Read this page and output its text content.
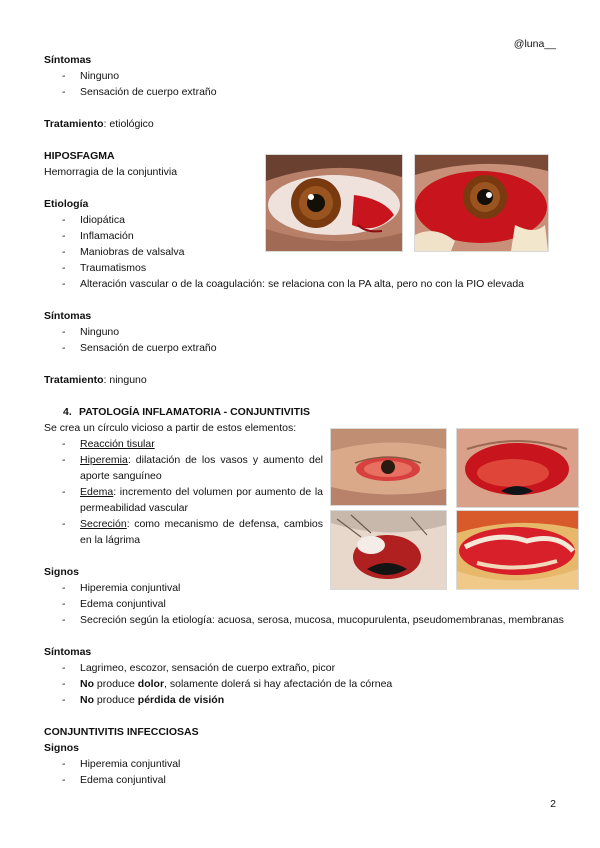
@luna__
Síntomas
- Ninguno
- Sensación de cuerpo extraño
Tratamiento: etiológico
HIPOSFAGMA
Hemorragia de la conjuntivia
Etiología
- Idiopática
- Inflamación
- Maniobras de valsalva
- Traumatismos
- Alteración vascular o de la coagulación: se relaciona con la PA alta, pero no con la PIO elevada
Síntomas
- Ninguno
- Sensación de cuerpo extraño
Tratamiento: ninguno
4. PATOLOGÍA INFLAMATORIA - CONJUNTIVITIS
Se crea un círculo vicioso a partir de estos elementos:
- Reacción tisular
- Hiperemia: dilatación de los vasos y aumento del aporte sanguíneo
- Edema: incremento del volumen por aumento de la permeabilidad vascular
- Secreción: como mecanismo de defensa, cambios en la lágrima
Signos
- Hiperemia conjuntival
- Edema conjuntival
- Secreción según la etiología: acuosa, serosa, mucosa, mucopurulenta, pseudomembranas, membranas
Síntomas
- Lagrimeo, escozor, sensación de cuerpo extraño, picor
- No produce dolor, solamente dolerá si hay afectación de la córnea
- No produce pérdida de visión
CONJUNTIVITIS INFECCIOSAS
Signos
- Hiperemia conjuntival
- Edema conjuntival
2
